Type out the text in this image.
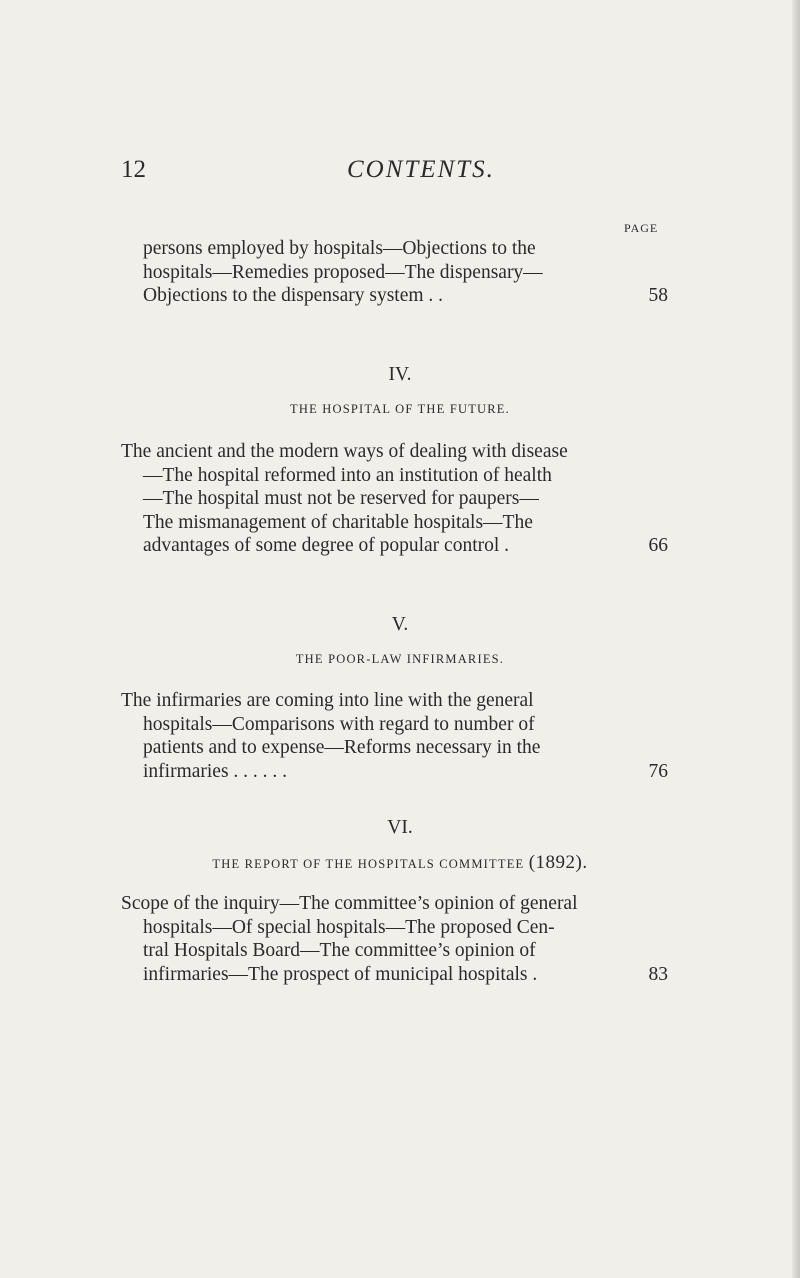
12	CONTENTS.
PAGE

persons employed by hospitals—Objections to the
hospitals—Remedies proposed—The dispensary—
Objections to the dispensary system . .	58

IV.
THE HOSPITAL OF THE FUTURE.

The ancient and the modern ways of dealing with disease
—The hospital reformed into an institution of health
—The hospital must not be reserved for paupers—
The mismanagement of charitable hospitals—The
advantages of some degree of popular control .	66

V.
THE POOR-LAW INFIRMARIES.

The infirmaries are coming into line with the general
hospitals—Comparisons with regard to number of
patients and to expense—Reforms necessary in the
infirmaries . . . . . .	76

VI.
THE REPORT OF THE HOSPITALS COMMITTEE (1892).

Scope of the inquiry—The committee’s opinion of general
hospitals—Of special hospitals—The proposed Cen-
tral Hospitals Board—The committee’s opinion of
infirmaries—The prospect of municipal hospitals .	83
